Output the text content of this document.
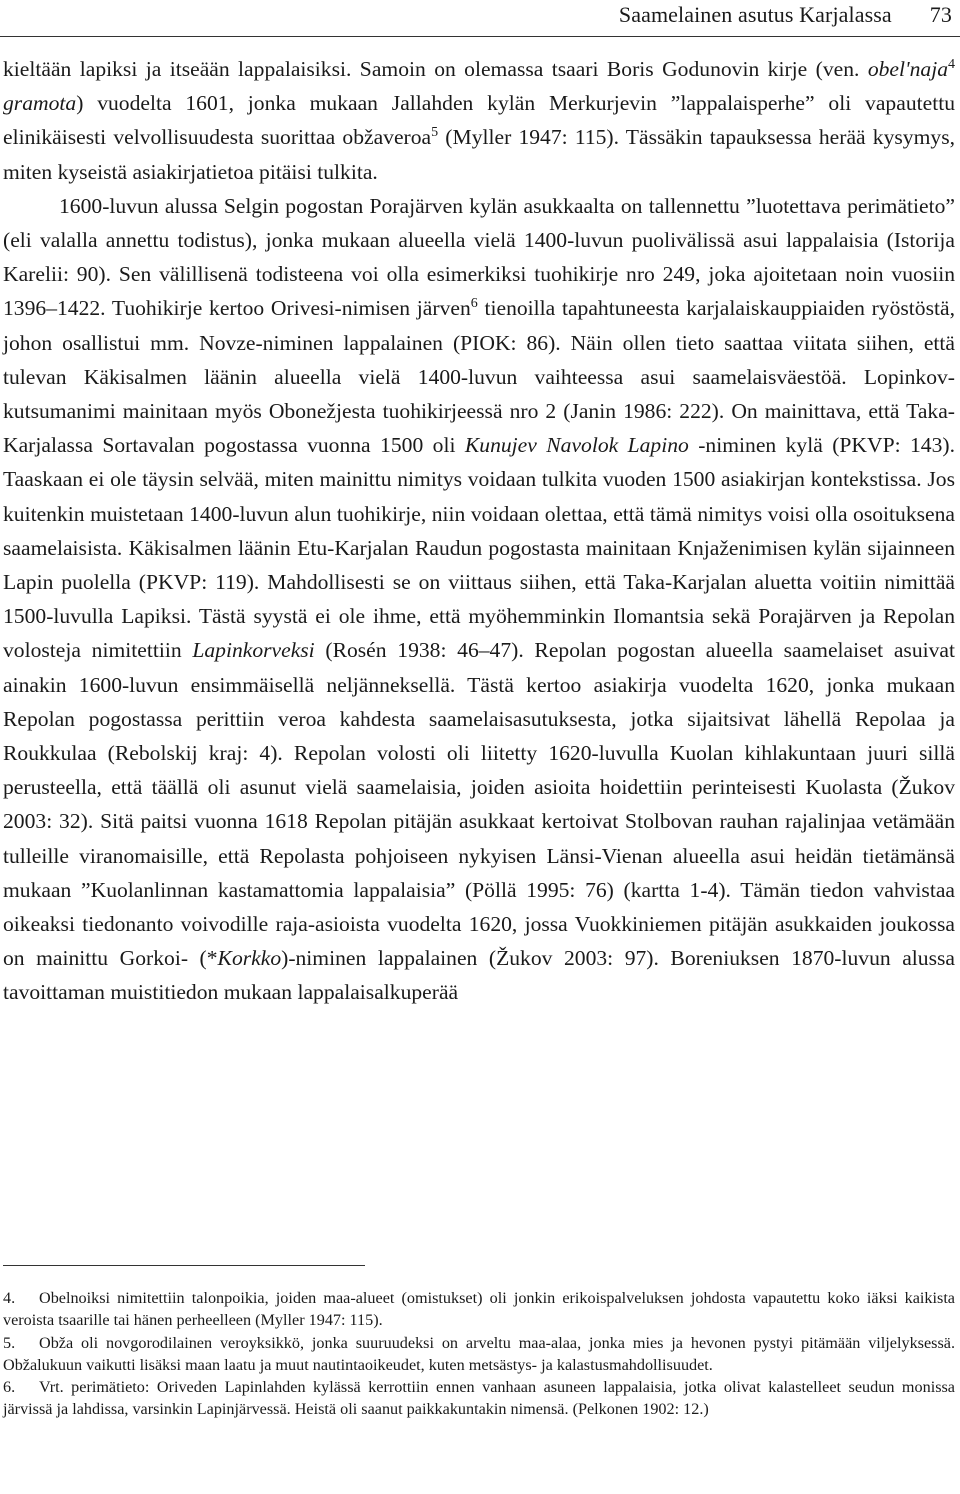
Saamelainen asutus Karjalassa 73

kieltään lapiksi ja itseään lappalaisiksi. Samoin on olemassa tsaari Boris Godunovin kirje (ven. obel'naja$^4$ gramota) vuodelta 1601, jonka mukaan Jallahden kylän Merkurjevin ”lappalaisperhe” oli vapautettu elinikäisesti velvollisuudesta suorittaa obžaveroa$^5$ (Myller 1947: 115). Tässäkin tapauksessa herää kysymys, miten kyseistä asiakirjatietoa pitäisi tulkita.

1600-luvun alussa Selgin pogostan Porajärven kylän asukkaalta on tallennettu ”luotettava perimätieto” (eli valalla annettu todistus), jonka mukaan alueella vielä 1400-luvun puolivälissä asui lappalaisia (Istorija Karelii: 90). Sen välillisenä todisteena voi olla esimerkiksi tuohikirje nro 249, joka ajoitetaan noin vuosiin 1396–1422. Tuohikirje kertoo Orivesi-nimisen järven$^6$ tienoilla tapahtuneesta karjalaiskauppiaiden ryöstöstä, johon osallistui mm. Novze-niminen lappalainen (PIOK: 86). Näin ollen tieto saattaa viitata siihen, että tulevan Käkisalmen läänin alueella vielä 1400-luvun vaihteessa asui saamelaisväestöä. Lopinkov-kutsumanimi mainitaan myös Obonežjesta tuohikirjeessä nro 2 (Janin 1986: 222). On mainittava, että Taka-Karjalassa Sortavalan pogostassa vuonna 1500 oli Kunujev Navolok Lapino -niminen kylä (PKVP: 143). Taaskaan ei ole täysin selvää, miten mainittu nimitys voidaan tulkita vuoden 1500 asiakirjan kontekstissa. Jos kuitenkin muistetaan 1400-luvun alun tuohikirje, niin voidaan olettaa, että tämä nimitys voisi olla osoituksena saamelaisista. Käkisalmen läänin Etu-Karjalan Raudun pogostasta mainitaan Knjaženimisen kylän sijainneen Lapin puolella (PKVP: 119). Mahdollisesti se on viittaus siihen, että Taka-Karjalan aluetta voitiin nimittää 1500-luvulla Lapiksi. Tästä syystä ei ole ihme, että myöhemminkin Ilomantsia sekä Porajärven ja Repolan volosteja nimitettiin Lapinkorveksi (Rosén 1938: 46–47). Repolan pogostan alueella saamelaiset asuivat ainakin 1600-luvun ensimmäisellä neljänneksellä. Tästä kertoo asiakirja vuodelta 1620, jonka mukaan Repolan pogostassa perittiin veroa kahdesta saamelaisasutuksesta, jotka sijaitsivat lähellä Repolaa ja Roukkulaa (Rebolskij kraj: 4). Repolan volosti oli liitetty 1620-luvulla Kuolan kihlakuntaan juuri sillä perusteella, että täällä oli asunut vielä saamelaisia, joiden asioita hoidettiin perinteisesti Kuolasta (Žukov 2003: 32). Sitä paitsi vuonna 1618 Repolan pitäjän asukkaat kertoivat Stolbovan rauhan rajalinjaa vetämään tulleille viranomaisille, että Repolasta pohjoiseen nykyisen Länsi-Vienan alueella asui heidän tietämänsä mukaan ”Kuolanlinnan kastamattomia lappalaisia” (Pöllä 1995: 76) (kartta 1-4). Tämän tiedon vahvistaa oikeaksi tiedonanto voivodille raja-asioista vuodelta 1620, jossa Vuokkiniemen pitäjän asukkaiden joukossa on mainittu Gorkoi- (*Korkko)-niminen lappalainen (Žukov 2003: 97). Boreniuksen 1870-luvun alussa tavoittaman muistitiedon mukaan lappalaisalkuperää

4. Obelnoiksi nimitettiin talonpoikia, joiden maa-alueet (omistukset) oli jonkin erikoispalveluksen johdosta vapautettu koko iäksi kaikista veroista tsaarille tai hänen perheelleen (Myller 1947: 115).

5. Obža oli novgorodilainen veroyksikkö, jonka suuruudeksi on arveltu maa-alaa, jonka mies ja hevonen pystyi pitämään viljelyksessä. Obžalukuun vaikutti lisäksi maan laatu ja muut nautintaoikeudet, kuten metsästys- ja kalastusmahdollisuudet.

6. Vrt. perimätieto: Oriveden Lapinlahden kylässä kerrottiin ennen vanhaan asuneen lappalaisia, jotka olivat kalastelleet seudun monissa järvissä ja lahdissa, varsinkin Lapinjärvessä. Heistä oli saanut paikkakuntakin nimensä. (Pelkonen 1902: 12.)
